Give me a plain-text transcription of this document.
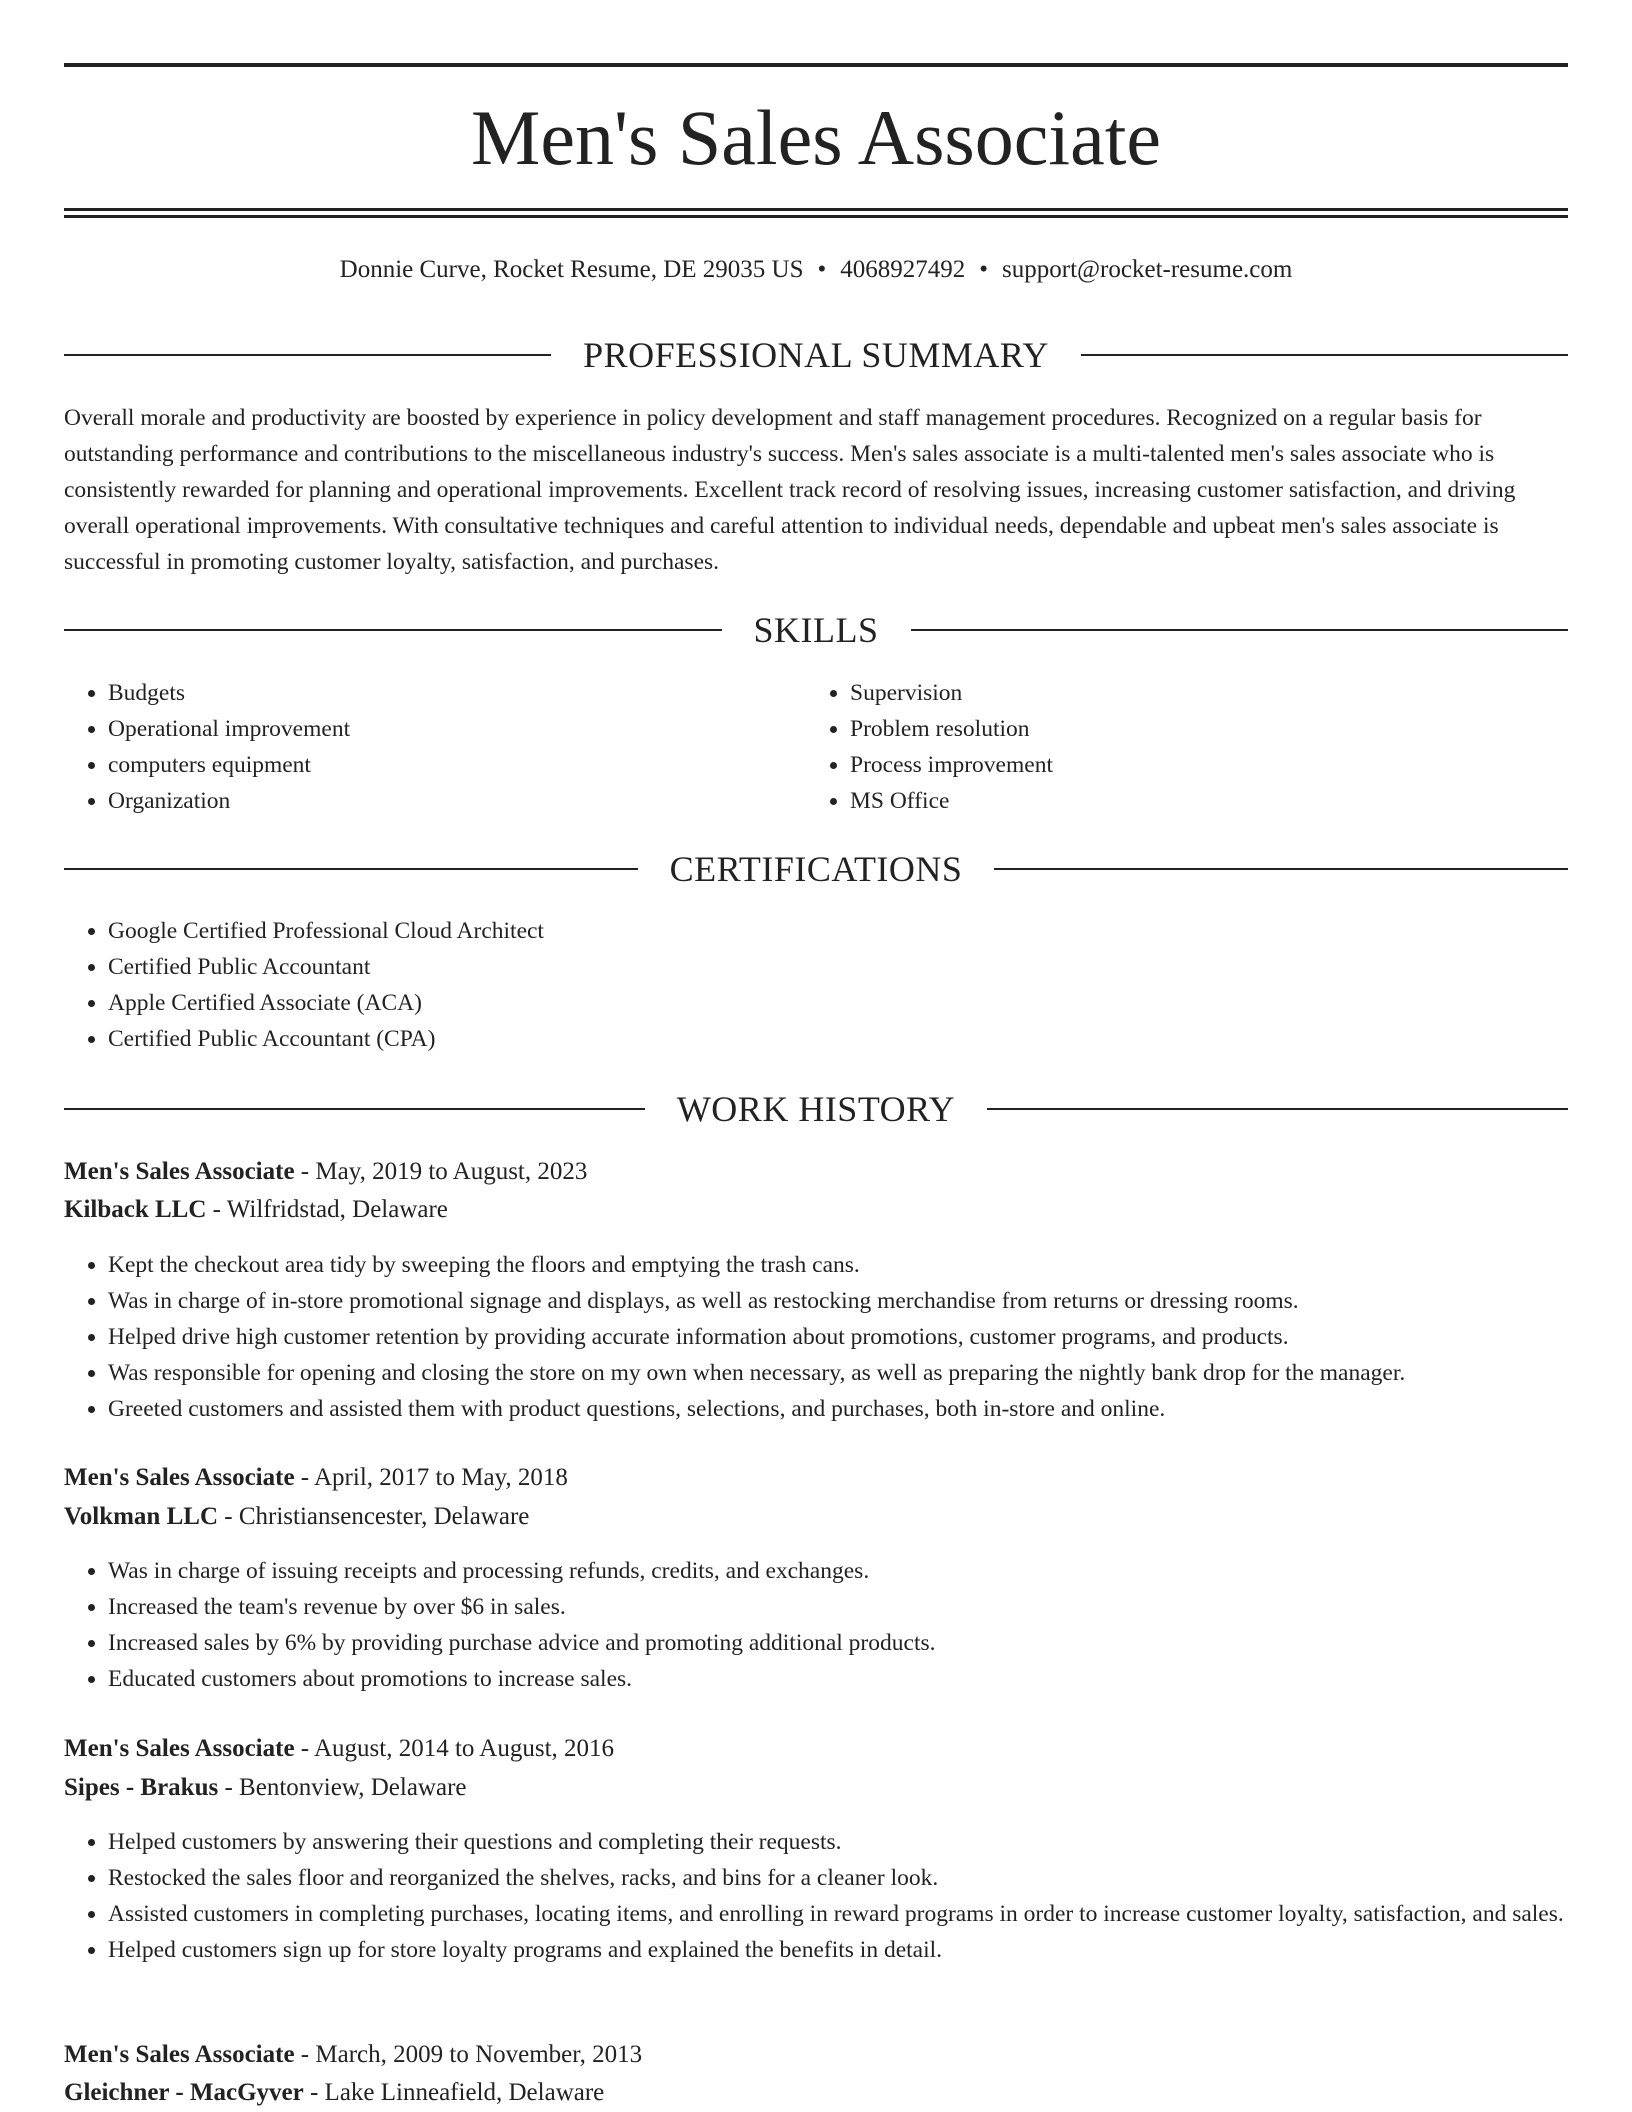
Men's Sales Associate
Donnie Curve, Rocket Resume, DE 29035 US • 4068927492 • support@rocket-resume.com
PROFESSIONAL SUMMARY
Overall morale and productivity are boosted by experience in policy development and staff management procedures. Recognized on a regular basis for outstanding performance and contributions to the miscellaneous industry's success. Men's sales associate is a multi-talented men's sales associate who is consistently rewarded for planning and operational improvements. Excellent track record of resolving issues, increasing customer satisfaction, and driving overall operational improvements. With consultative techniques and careful attention to individual needs, dependable and upbeat men's sales associate is successful in promoting customer loyalty, satisfaction, and purchases.
SKILLS
• Budgets
• Operational improvement
• computers equipment
• Organization
• Supervision
• Problem resolution
• Process improvement
• MS Office
CERTIFICATIONS
• Google Certified Professional Cloud Architect
• Certified Public Accountant
• Apple Certified Associate (ACA)
• Certified Public Accountant (CPA)
WORK HISTORY
Men's Sales Associate - May, 2019 to August, 2023
Kilback LLC - Wilfridstad, Delaware
• Kept the checkout area tidy by sweeping the floors and emptying the trash cans.
• Was in charge of in-store promotional signage and displays, as well as restocking merchandise from returns or dressing rooms.
• Helped drive high customer retention by providing accurate information about promotions, customer programs, and products.
• Was responsible for opening and closing the store on my own when necessary, as well as preparing the nightly bank drop for the manager.
• Greeted customers and assisted them with product questions, selections, and purchases, both in-store and online.
Men's Sales Associate - April, 2017 to May, 2018
Volkman LLC - Christiansencester, Delaware
• Was in charge of issuing receipts and processing refunds, credits, and exchanges.
• Increased the team's revenue by over $6 in sales.
• Increased sales by 6% by providing purchase advice and promoting additional products.
• Educated customers about promotions to increase sales.
Men's Sales Associate - August, 2014 to August, 2016
Sipes - Brakus - Bentonview, Delaware
• Helped customers by answering their questions and completing their requests.
• Restocked the sales floor and reorganized the shelves, racks, and bins for a cleaner look.
• Assisted customers in completing purchases, locating items, and enrolling in reward programs in order to increase customer loyalty, satisfaction, and sales.
• Helped customers sign up for store loyalty programs and explained the benefits in detail.
Men's Sales Associate - March, 2009 to November, 2013
Gleichner - MacGyver - Lake Linneafield, Delaware
